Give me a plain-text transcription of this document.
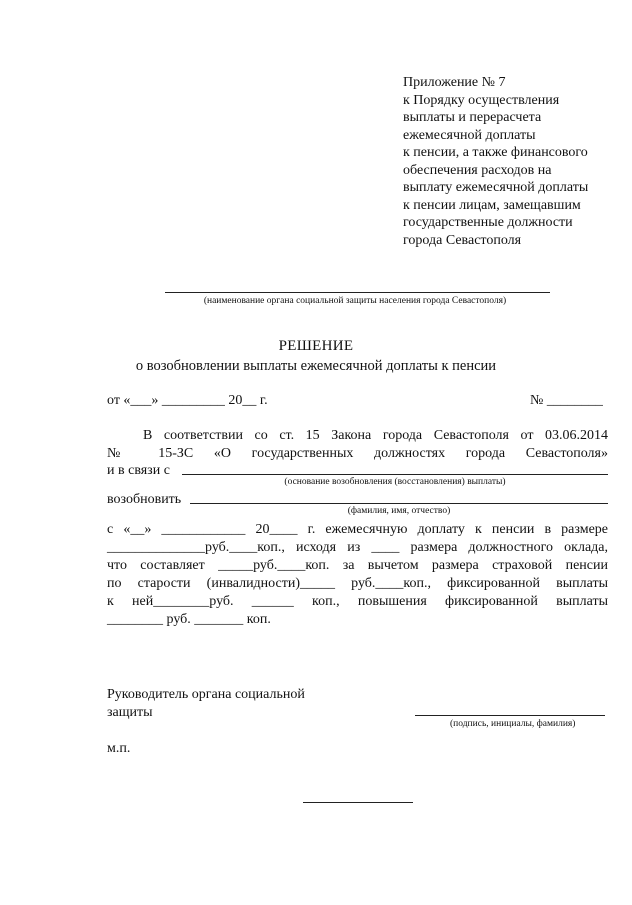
Приложение № 7
к Порядку осуществления
выплаты и перерасчета
ежемесячной доплаты
к пенсии, а также финансового
обеспечения расходов на
выплату ежемесячной доплаты
к пенсии лицам, замещавшим
государственные должности
города Севастополя
(наименование органа социальной защиты населения города Севастополя)
РЕШЕНИЕ
о возобновлении выплаты ежемесячной доплаты к пенсии
от «___» _________ 20__ г.	№ ________
В соответствии со ст. 15 Закона города Севастополя от 03.06.2014
№ 15-ЗС «О государственных должностях города Севастополя»
и в связи с
(основание возобновления (восстановления) выплаты)
возобновить
(фамилия, имя, отчество)
с «__» ____________ 20____ г. ежемесячную доплату к пенсии в размере
______________руб.____коп., исходя из ____ размера должностного оклада,
что составляет _____руб.____коп. за вычетом размера страховой пенсии
по старости (инвалидности)_____ руб.____коп., фиксированной выплаты
к ней________руб. ______ коп., повышения фиксированной выплаты
________ руб. _______ коп.
Руководитель органа социальной
защиты
(подпись, инициалы, фамилия)
м.п.
